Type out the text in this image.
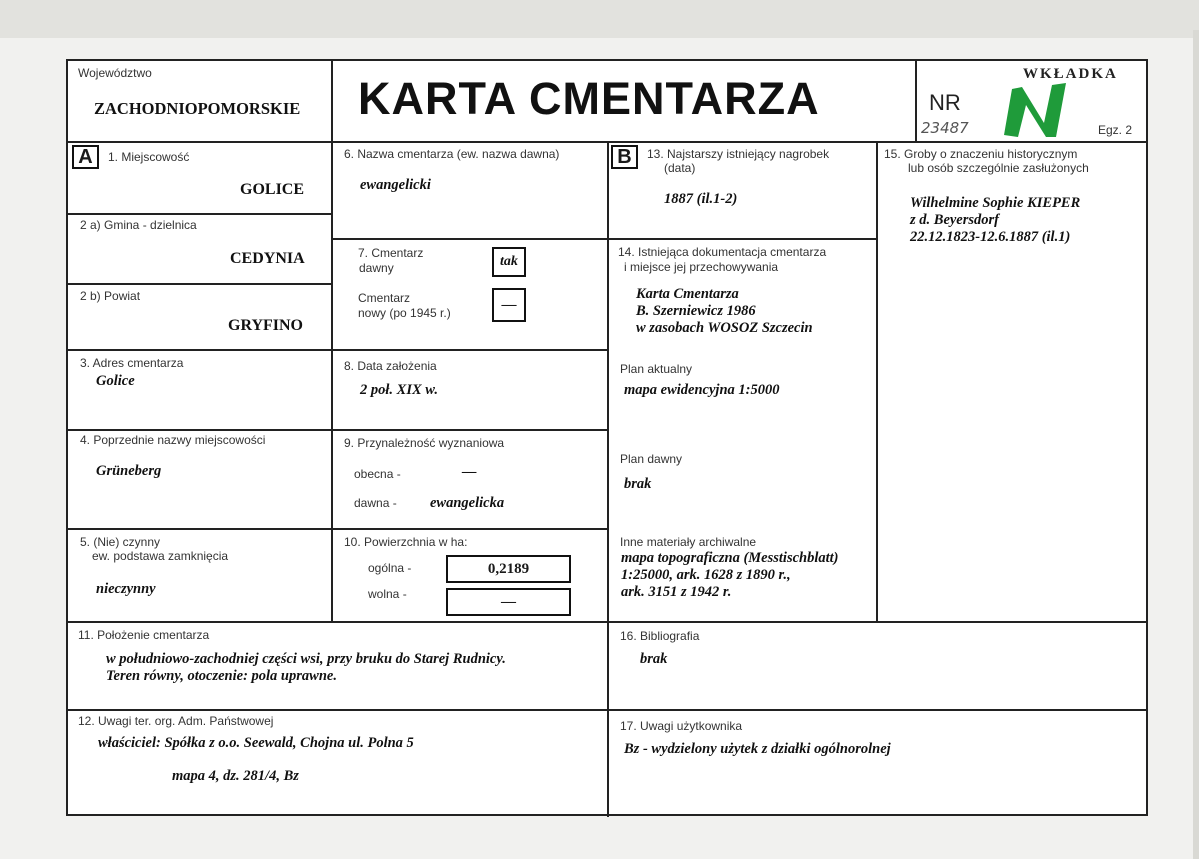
Województwo
ZACHODNIOPOMORSKIE KARTA CMENTARZA	NR
WKŁADKA
23487	Egz. 2
A	1. Miejscowość
GOLICE
2 a) Gmina - dzielnica
CEDYNIA
2 b) Powiat
GRYFINO
3. Adres cmentarza
Golice
4. Poprzednie nazwy miejscowości
Grüneberg
5. (Nie) czynny
ew. podstawa zamknięcia
nieczynny
6. Nazwa cmentarza (ew. nazwa dawna)
ewangelicki
7. Cmentarz
dawny	tak
Cmentarz
nowy (po 1945 r.)	—
8. Data założenia
2 poł. XIX w.
9. Przynależność wyznaniowa
obecna -	—
dawna - ewangelicka
10. Powierzchnia w ha:
ogólna -	0,2189
wolna -	—
B	13. Najstarszy istniejący nagrobek
(data)
1887 (il.1-2)
14. Istniejąca dokumentacja cmentarza
i miejsce jej przechowywania
Karta Cmentarza
B. Szerniewicz 1986
w zasobach WOSOZ Szczecin
Plan aktualny
mapa ewidencyjna 1:5000
Plan dawny
brak
Inne materiały archiwalne
mapa topograficzna (Messtischblatt)
1:25000, ark. 1628 z 1890 r.,
ark. 3151 z 1942 r.
15. Groby o znaczeniu historycznym
lub osób szczególnie zasłużonych
Wilhelmine Sophie KIEPER
z d. Beyersdorf
22.12.1823-12.6.1887 (il.1)
11. Położenie cmentarza
w południowo-zachodniej części wsi, przy bruku do Starej Rudnicy.
Teren równy, otoczenie: pola uprawne.
16. Bibliografia
brak
12. Uwagi ter. org. Adm. Państwowej
właściciel: Spółka z o.o. Seewald, Chojna ul. Polna 5
mapa 4, dz. 281/4, Bz
17. Uwagi użytkownika
Bz - wydzielony użytek z działki ogólnorolnej
